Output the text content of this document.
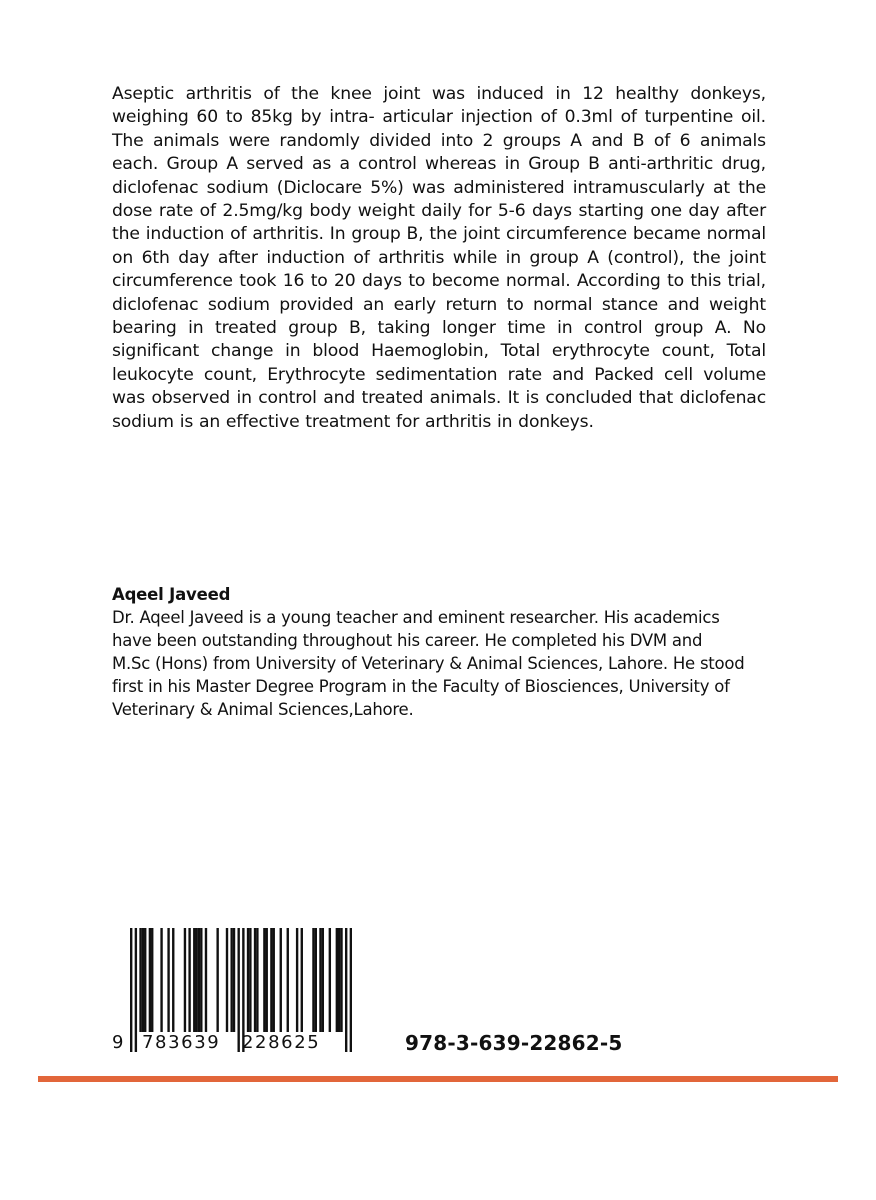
Aseptic arthritis of the knee joint was induced in 12 healthy donkeys, weighing 60 to 85kg by intra- articular injection of 0.3ml of turpentine oil. The animals were randomly divided into 2 groups A and B of 6 animals each. Group A served as a control whereas in Group B anti-arthritic drug, diclofenac sodium (Diclocare 5%) was administered intramuscularly at the dose rate of 2.5mg/kg body weight daily for 5-6 days starting one day after the induction of arthritis. In group B, the joint circumference became normal on 6th day after induction of arthritis while in group A (control), the joint circumference took 16 to 20 days to become normal. According to this trial, diclofenac sodium provided an early return to normal stance and weight bearing in treated group B, taking longer time in control group A. No significant change in blood Haemoglobin, Total erythrocyte count, Total leukocyte count, Erythrocyte sedimentation rate and Packed cell volume was observed in control and treated animals. It is concluded that diclofenac sodium is an effective treatment for arthritis in donkeys.

Aqeel Javeed

Dr. Aqeel Javeed is a young teacher and eminent researcher. His academics
have been outstanding throughout his career. He completed his DVM and
M.Sc (Hons) from University of Veterinary & Animal Sciences, Lahore. He stood
first in his Master Degree Program in the Faculty of Biosciences, University of
Veterinary & Animal Sciences,Lahore.

9 783639 228625	978-3-639-22862-5
